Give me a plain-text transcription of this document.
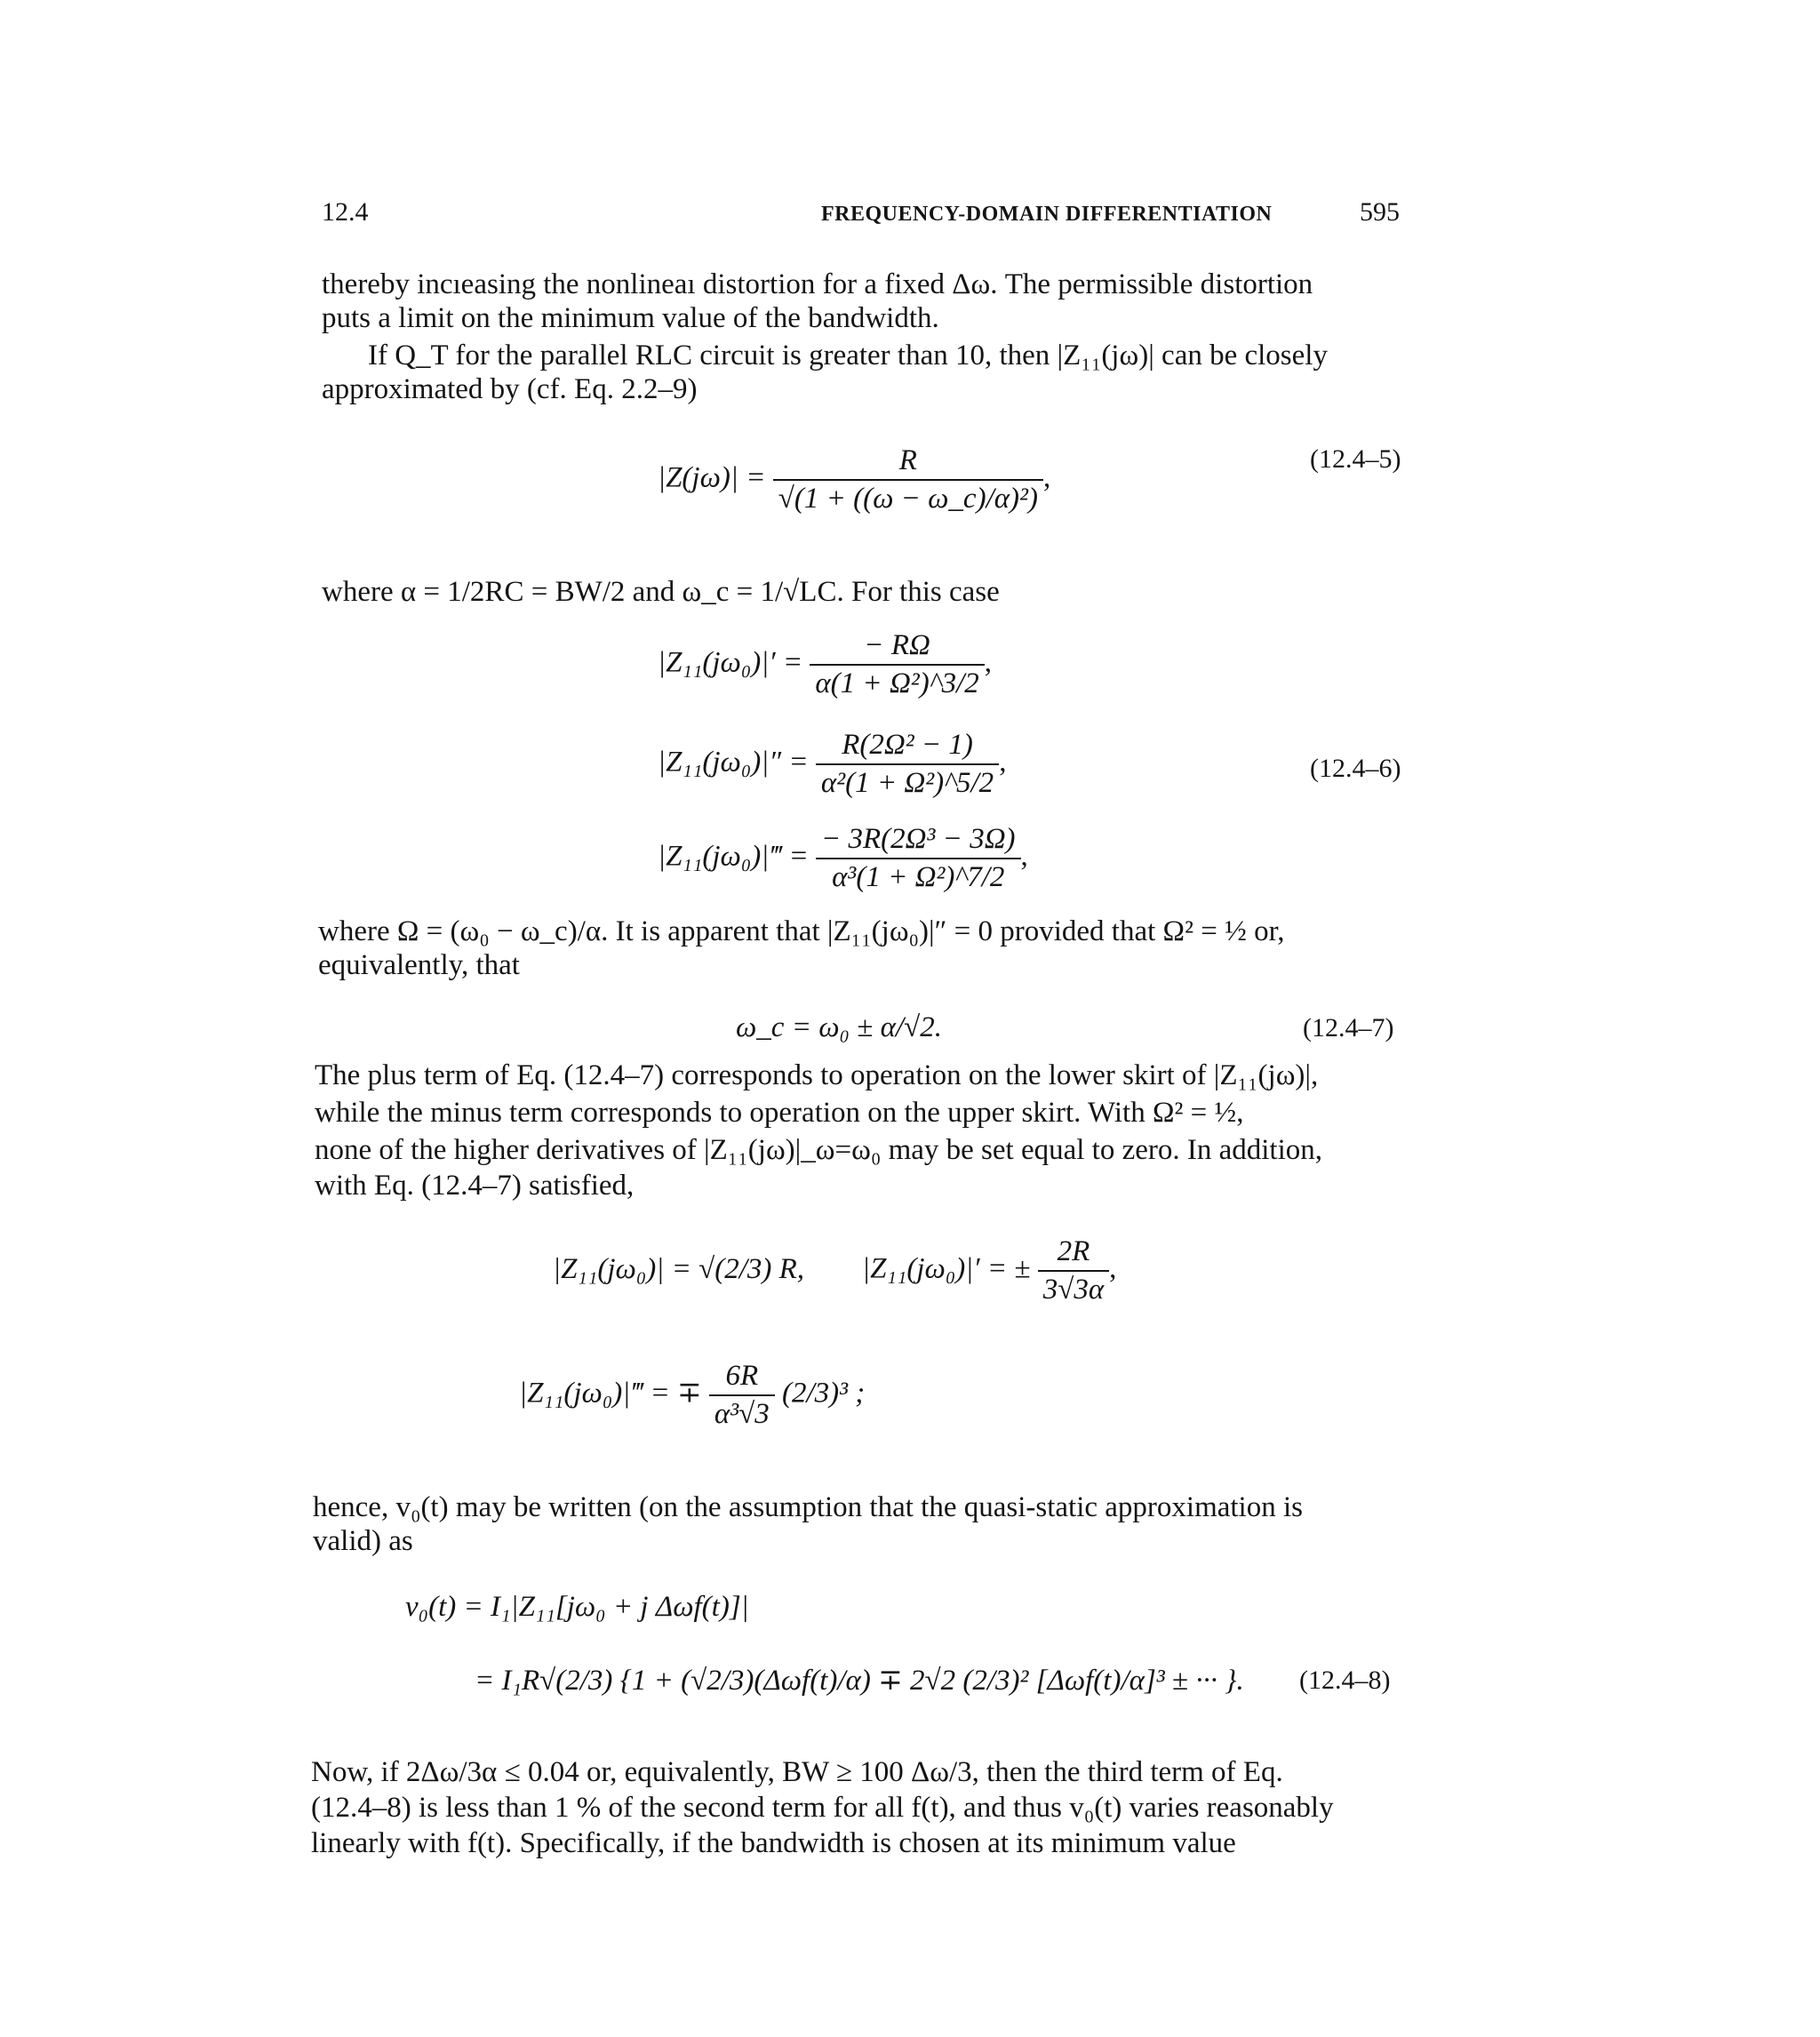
12.4	FREQUENCY-DOMAIN DIFFERENTIATION	595
thereby incıeasing the nonlineaı distortion for a fixed Δω. The permissible distortion
puts a limit on the minimum value of the bandwidth.
If Q_T for the parallel RLC circuit is greater than 10, then |Z₁₁(jω)| can be closely
approximated by (cf. Eq. 2.2–9)
$|Z(j\omega)| = \frac{R}{\text{√(1 + ((ω − ω\_c)/α)²)}}$ ,
(12.4–5)
where α = 1/2RC = BW/2 and ω_c = 1/√LC. For this case
$|Z_{11}(j\omega_0)|' = \frac{- R\Omega}{\text{α(1 + Ω²)\textasciicircum{}3/2}}$ ,
$|Z_{11}(j\omega_0)|'' = \frac{\text{R(2Ω² − 1)}}{\text{α²(1 + Ω²)\textasciicircum{}5/2}}$ ,	(12.4–6)
|Z₁₁(jω₀)|‴ = $\frac{\text{− 3R(2Ω³ − 3Ω)}}{\text{α³(1 + Ω²)\textasciicircum{}7/2}}$ ,
where Ω = (ω₀ − ω_c)/α. It is apparent that |Z₁₁(jω₀)|″ = 0 provided that Ω² = ½ or,
equivalently, that
ω_c = ω₀ ± α/√2.	(12.4–7)
The plus term of Eq. (12.4–7) corresponds to operation on the lower skirt of |Z₁₁(jω)|,
while the minus term corresponds to operation on the upper skirt. With Ω² = ½,
none of the higher derivatives of |Z₁₁(jω)|_ω=ω₀ may be set equal to zero. In addition,
with Eq. (12.4–7) satisfied,
|Z₁₁(jω₀)| = √(2/3) R, |Z₁₁(jω₀)|′ = ± $\frac{2R}{3√3\alpha}$ ,
|Z₁₁(jω₀)|‴ = ∓ $\frac{6R}{\text{α³√3}} (2/3)^3$ ;
hence, v₀(t) may be written (on the assumption that the quasi-static approximation is
valid) as
v₀(t) = I₁|Z₁₁[jω₀ + j Δωf(t)]|
= I₁R√(2/3) {1 + (√2/3)(Δωf(t)/α) ∓ 2√2 (2/3)² [Δωf(t)/α]³ ± ··· }. (12.4–8)
Now, if 2Δω/3α ≤ 0.04 or, equivalently, BW ≥ 100 Δω/3, then the third term of Eq.
(12.4–8) is less than 1 % of the second term for all f(t), and thus v₀(t) varies reasonably
linearly with f(t). Specifically, if the bandwidth is chosen at its minimum value
